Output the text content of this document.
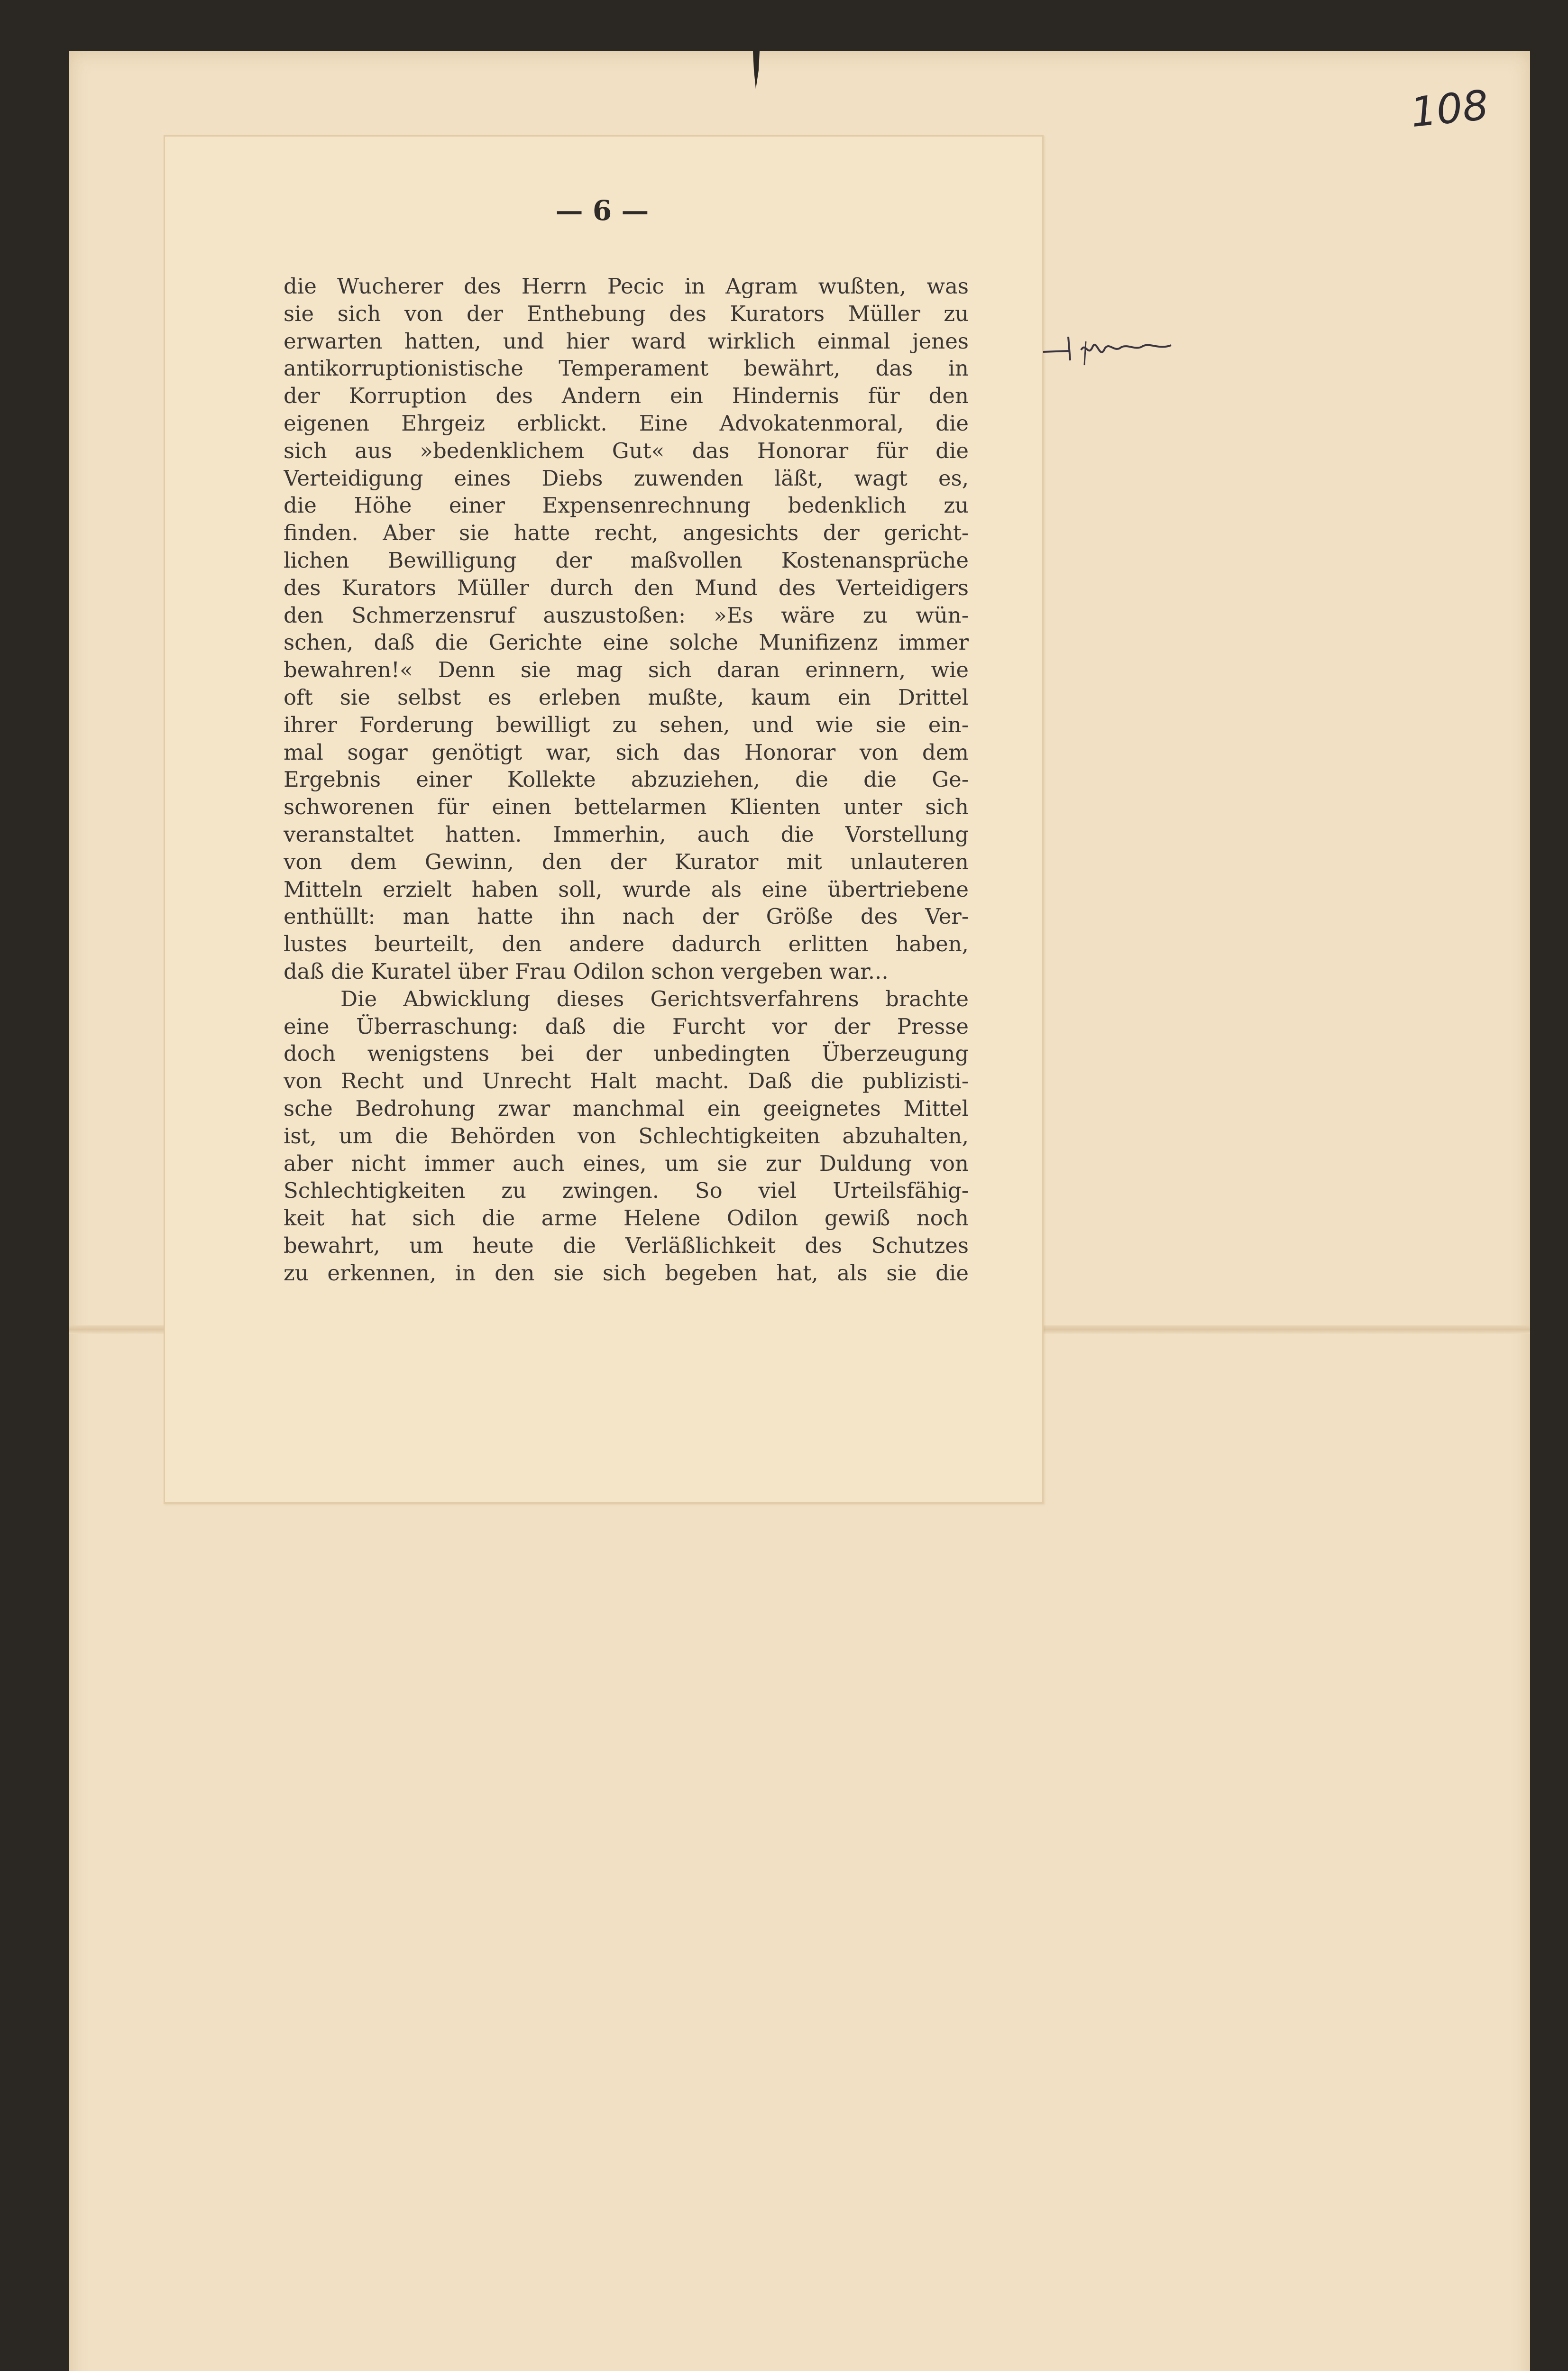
108
— 6 —
die Wucherer des Herrn Pecic in Agram wußten, was
sie sich von der Enthebung des Kurators Müller zu
erwarten hatten, und hier ward wirklich einmal jenes
antikorruptionistische Temperament bewährt, das in
der Korruption des Andern ein Hindernis für den
eigenen Ehrgeiz erblickt. Eine Advokatenmoral, die
sich aus »bedenklichem Gut« das Honorar für die
Verteidigung eines Diebs zuwenden läßt, wagt es,
die Höhe einer Expensenrechnung bedenklich zu
finden. Aber sie hatte recht, angesichts der gericht-
lichen Bewilligung der maßvollen Kostenansprüche
des Kurators Müller durch den Mund des Verteidigers
den Schmerzensruf auszustoßen: »Es wäre zu wün-
schen, daß die Gerichte eine solche Munifizenz immer
bewahren!« Denn sie mag sich daran erinnern, wie
oft sie selbst es erleben mußte, kaum ein Drittel
ihrer Forderung bewilligt zu sehen, und wie sie ein-
mal sogar genötigt war, sich das Honorar von dem
Ergebnis einer Kollekte abzuziehen, die die Ge-
schworenen für einen bettelarmen Klienten unter sich
veranstaltet hatten. Immerhin, auch die Vorstellung
von dem Gewinn, den der Kurator mit unlauteren
Mitteln erzielt haben soll, wurde als eine übertriebene
enthüllt: man hatte ihn nach der Größe des Ver-
lustes beurteilt, den andere dadurch erlitten haben,
daß die Kuratel über Frau Odilon schon vergeben war...
Die Abwicklung dieses Gerichtsverfahrens brachte
eine Überraschung: daß die Furcht vor der Presse
doch wenigstens bei der unbedingten Überzeugung
von Recht und Unrecht Halt macht. Daß die publizisti-
sche Bedrohung zwar manchmal ein geeignetes Mittel
ist, um die Behörden von Schlechtigkeiten abzuhalten,
aber nicht immer auch eines, um sie zur Duldung von
Schlechtigkeiten zu zwingen. So viel Urteilsfähig-
keit hat sich die arme Helene Odilon gewiß noch
bewahrt, um heute die Verläßlichkeit des Schutzes
zu erkennen, in den sie sich begeben hat, als sie die
